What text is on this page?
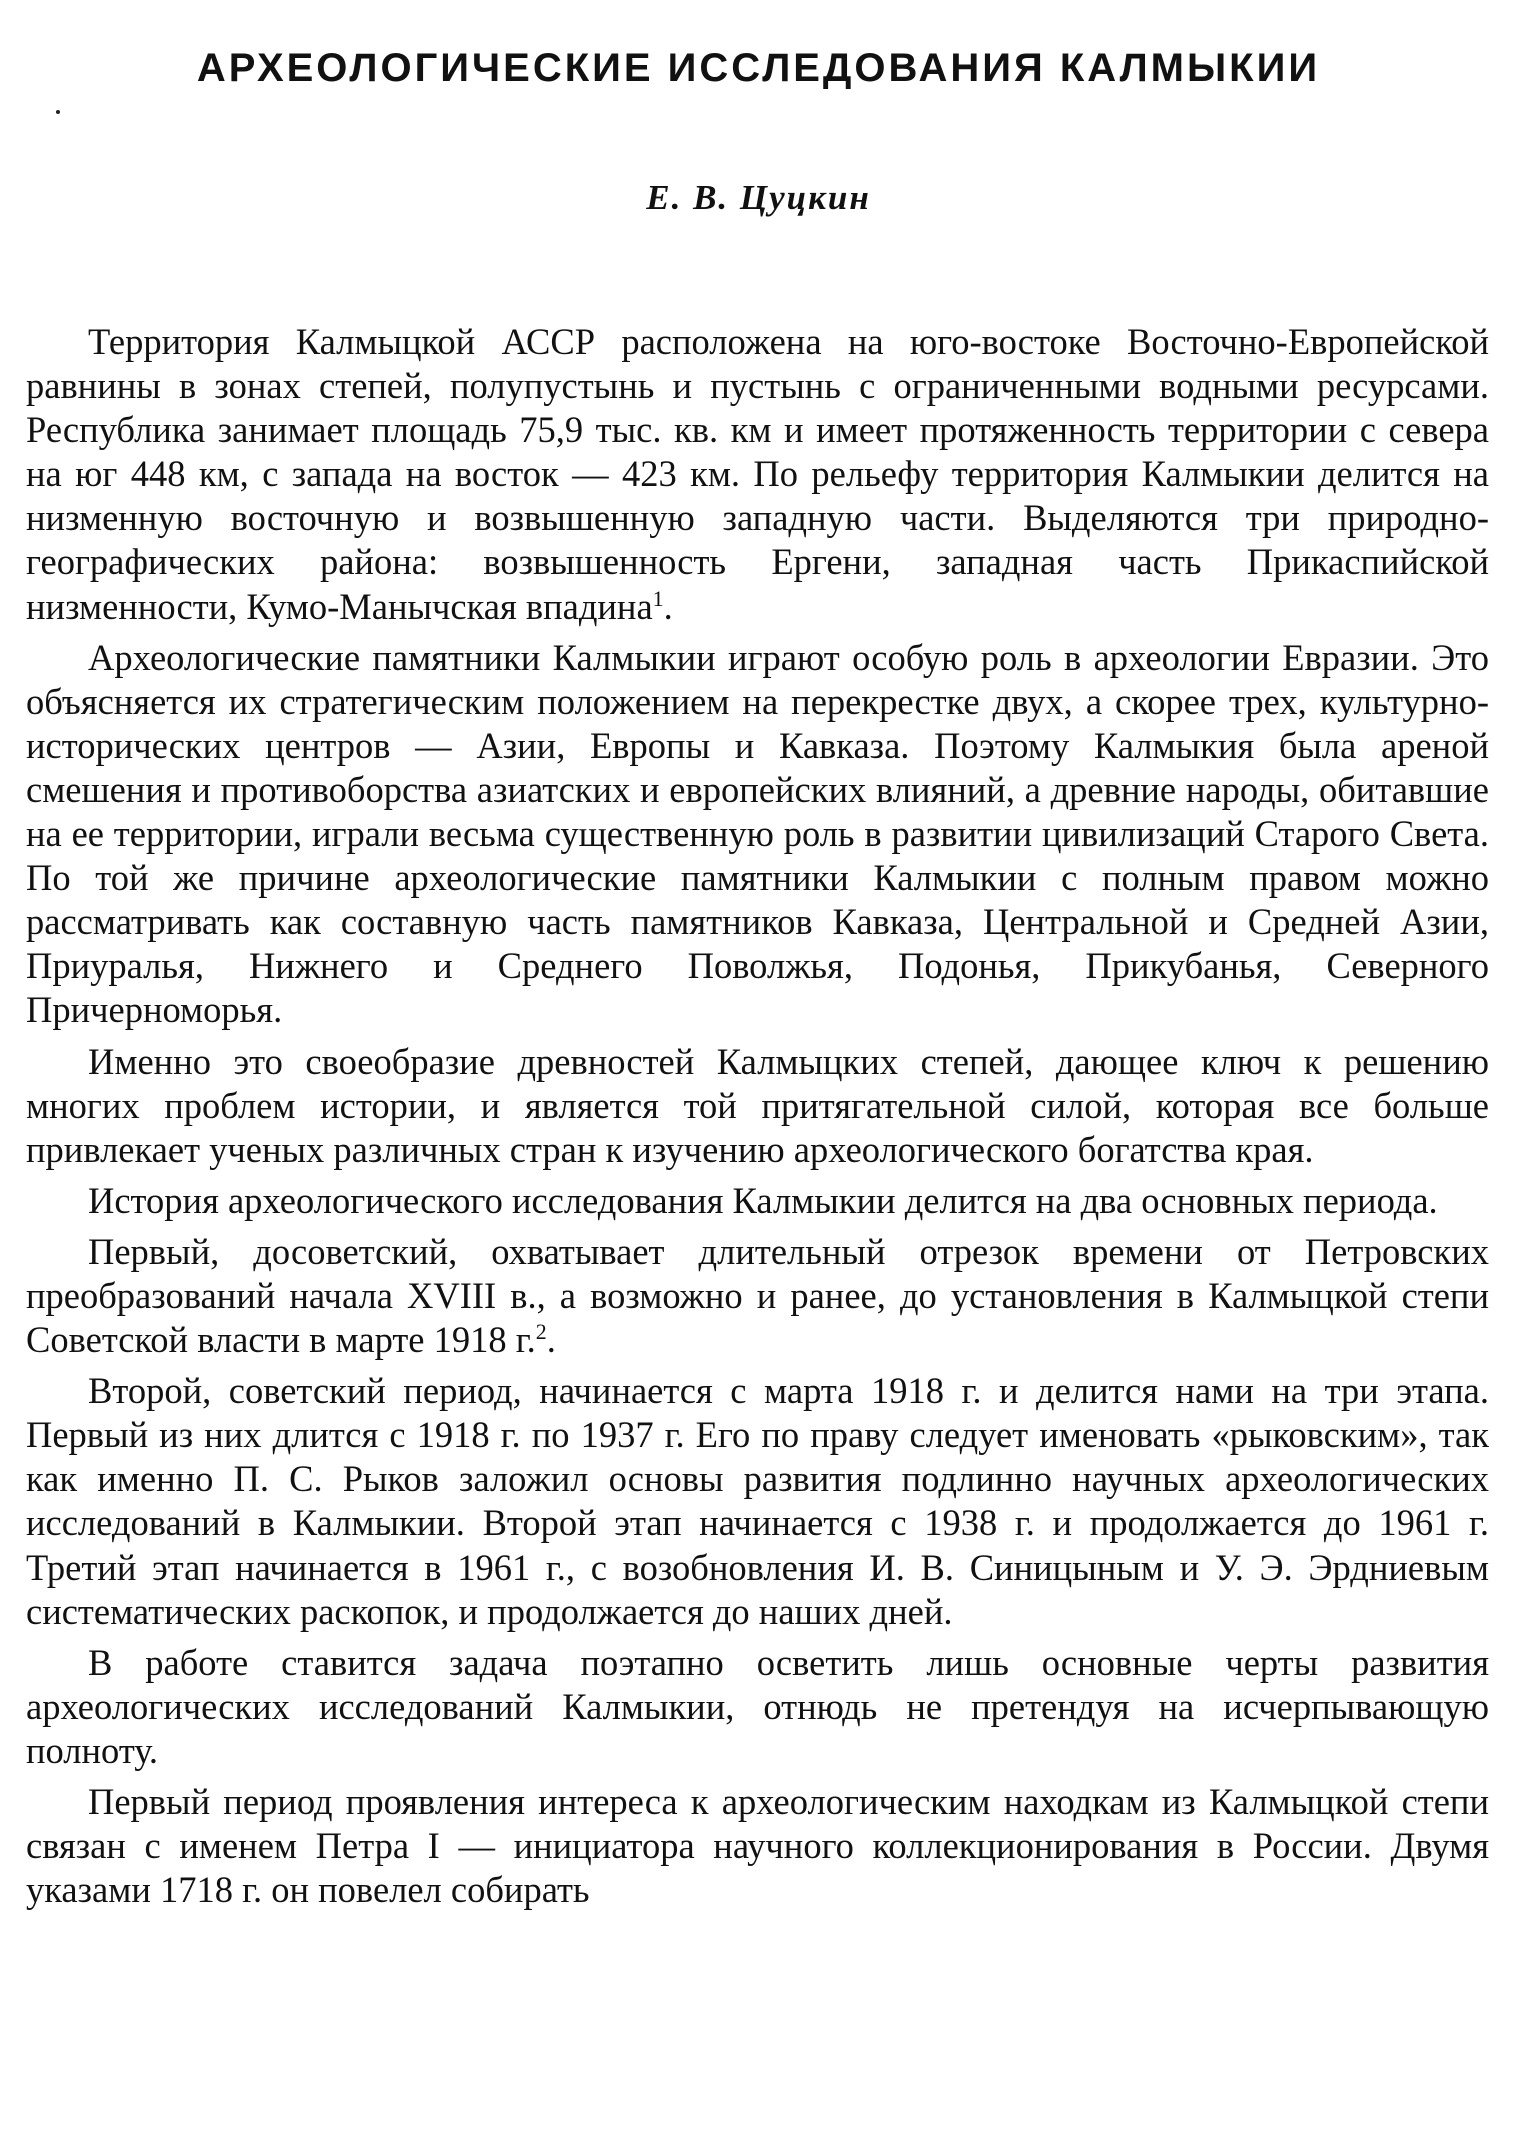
АРХЕОЛОГИЧЕСКИЕ ИССЛЕДОВАНИЯ КАЛМЫКИИ
Е. В. Цуцкин

Территория Калмыцкой АССР расположена на юго-востоке Восточно-Европейской равнины в зонах степей, полупустынь и пустынь с ограниченными водными ресурсами. Республика занимает площадь 75,9 тыс. кв. км и имеет протяженность территории с севера на юг 448 км, с запада на восток — 423 км. По рельефу территория Калмыкии делится на низменную восточную и возвышенную западную части. Выделяются три природно-географических района: возвышенность Ергени, западная часть Прикаспийской низменности, Кумо-Манычская впадина$^1$.

Археологические памятники Калмыкии играют особую роль в археологии Евразии. Это объясняется их стратегическим положением на перекрестке двух, а скорее трех, культурно-исторических центров — Азии, Европы и Кавказа. Поэтому Калмыкия была ареной смешения и противоборства азиатских и европейских влияний, а древние народы, обитавшие на ее территории, играли весьма существенную роль в развитии цивилизаций Старого Света. По той же причине археологические памятники Калмыкии с полным правом можно рассматривать как составную часть памятников Кавказа, Центральной и Средней Азии, Приуралья, Нижнего и Среднего Поволжья, Подонья, Прикубанья, Северного Причерноморья.

Именно это своеобразие древностей Калмыцких степей, дающее ключ к решению многих проблем истории, и является той притягательной силой, которая все больше привлекает ученых различных стран к изучению археологического богатства края.

История археологического исследования Калмыкии делится на два основных периода.

Первый, досоветский, охватывает длительный отрезок времени от Петровских преобразований начала XVIII в., а возможно и ранее, до установления в Калмыцкой степи Советской власти в марте 1918 г.$^2$.

Второй, советский период, начинается с марта 1918 г. и делится нами на три этапа. Первый из них длится с 1918 г. по 1937 г. Его по праву следует именовать «рыковским», так как именно П. С. Рыков заложил основы развития подлинно научных археологических исследований в Калмыкии. Второй этап начинается с 1938 г. и продолжается до 1961 г. Третий этап начинается в 1961 г., с возобновления И. В. Синицыным и У. Э. Эрдниевым систематических раскопок, и продолжается до наших дней.

В работе ставится задача поэтапно осветить лишь основные черты развития археологических исследований Калмыкии, отнюдь не претендуя на исчерпывающую полноту.

Первый период проявления интереса к археологическим находкам из Калмыцкой степи связан с именем Петра I — инициатора научного коллекционирования в России. Двумя указами 1718 г. он повелел собирать
